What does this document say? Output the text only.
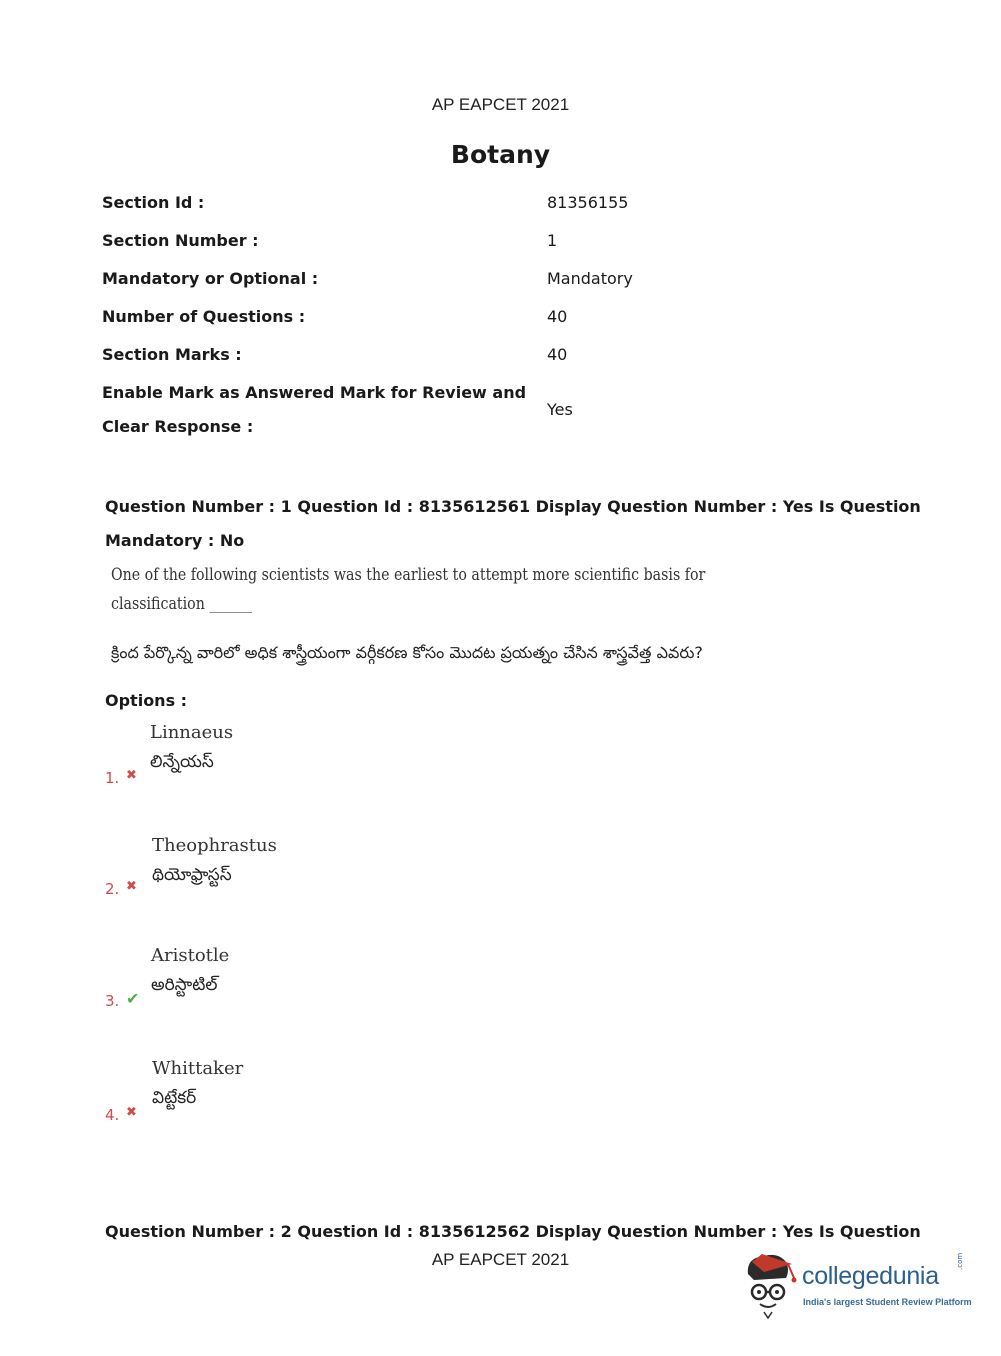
AP EAPCET 2021
Botany
Section Id :	81356155
Section Number :	1
Mandatory or Optional :	Mandatory
Number of Questions :	40
Section Marks :	40
Enable Mark as Answered Mark for Review and
Clear Response :
Yes
Question Number : 1 Question Id : 8135612561 Display Question Number : Yes Is Question
Mandatory : No
One of the following scientists was the earliest to attempt more scientific basis for
classification ______
క్రింద పేర్కొన్న వారిలో అధిక శాస్త్రీయంగా వర్గీకరణ కోసం మొదట ప్రయత్నం చేసిన శాస్త్రవేత్త ఎవరు?
Options :
Linnaeus
లిన్నేయస్
1. ✖
Theophrastus
థియోఫ్రాస్టస్
2. ✖
Aristotle
అరిస్టాటిల్
3. ✔
Whittaker
విట్టేకర్
4. ✖
Question Number : 2 Question Id : 8135612562 Display Question Number : Yes Is Question
AP EAPCET 2021
collegedunia
.com
India's largest Student Review Platform
